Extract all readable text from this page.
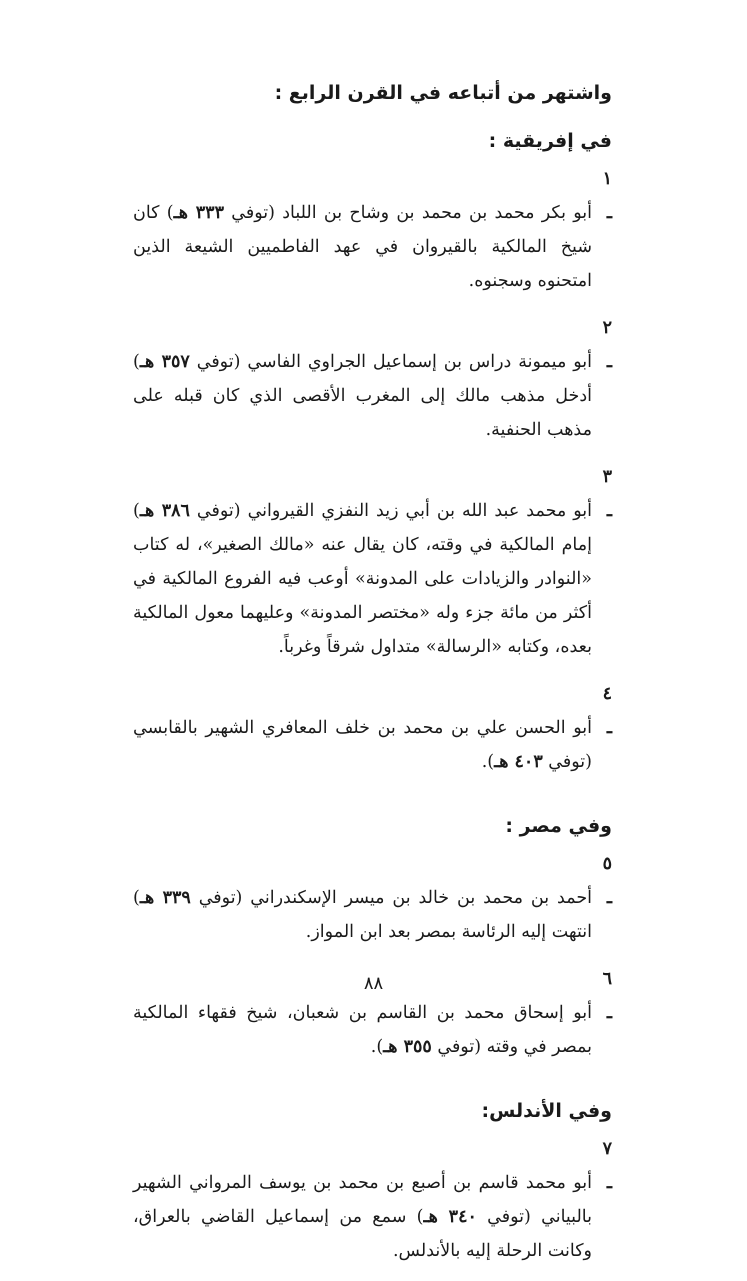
واشتهر من أتباعه في القرن الرابع :

في إفريقية :

١ ـأبو بكر محمد بن محمد بن وشاح بن اللباد (توفي ٣٣٣ هـ) كان شيخ المالكية بالقيروان في عهد الفاطميين الشيعة الذين امتحنوه وسجنوه.

٢ ـأبو ميمونة دراس بن إسماعيل الجراوي الفاسي (توفي ٣٥٧ هـ) أدخل مذهب مالك إلى المغرب الأقصى الذي كان قبله على مذهب الحنفية.

٣ ـأبو محمد عبد الله بن أبي زيد النفزي القيرواني (توفي ٣٨٦ هـ) إمام المالكية في وقته، كان يقال عنه «مالك الصغير»، له كتاب «النوادر والزيادات على المدونة» أوعب فيه الفروع المالكية في أكثر من مائة جزء وله «مختصر المدونة» وعليهما معول المالكية بعده، وكتابه «الرسالة» متداول شرقاً وغرباً.

٤ ـأبو الحسن علي بن محمد بن خلف المعافري الشهير بالقابسي (توفي ٤٠٣ هـ).

وفي مصر :

٥ ـأحمد بن محمد بن خالد بن ميسر الإسكندراني (توفي ٣٣٩ هـ) انتهت إليه الرئاسة بمصر بعد ابن المواز.

٦ ـأبو إسحاق محمد بن القاسم بن شعبان، شيخ فقهاء المالكية بمصر في وقته (توفي ٣٥٥ هـ).

وفي الأندلس:

٧ ـأبو محمد قاسم بن أصبع بن محمد بن يوسف المرواني الشهير بالبياني (توفي ٣٤٠ هـ) سمع من إسماعيل القاضي بالعراق، وكانت الرحلة إليه بالأندلس.

٨٨
